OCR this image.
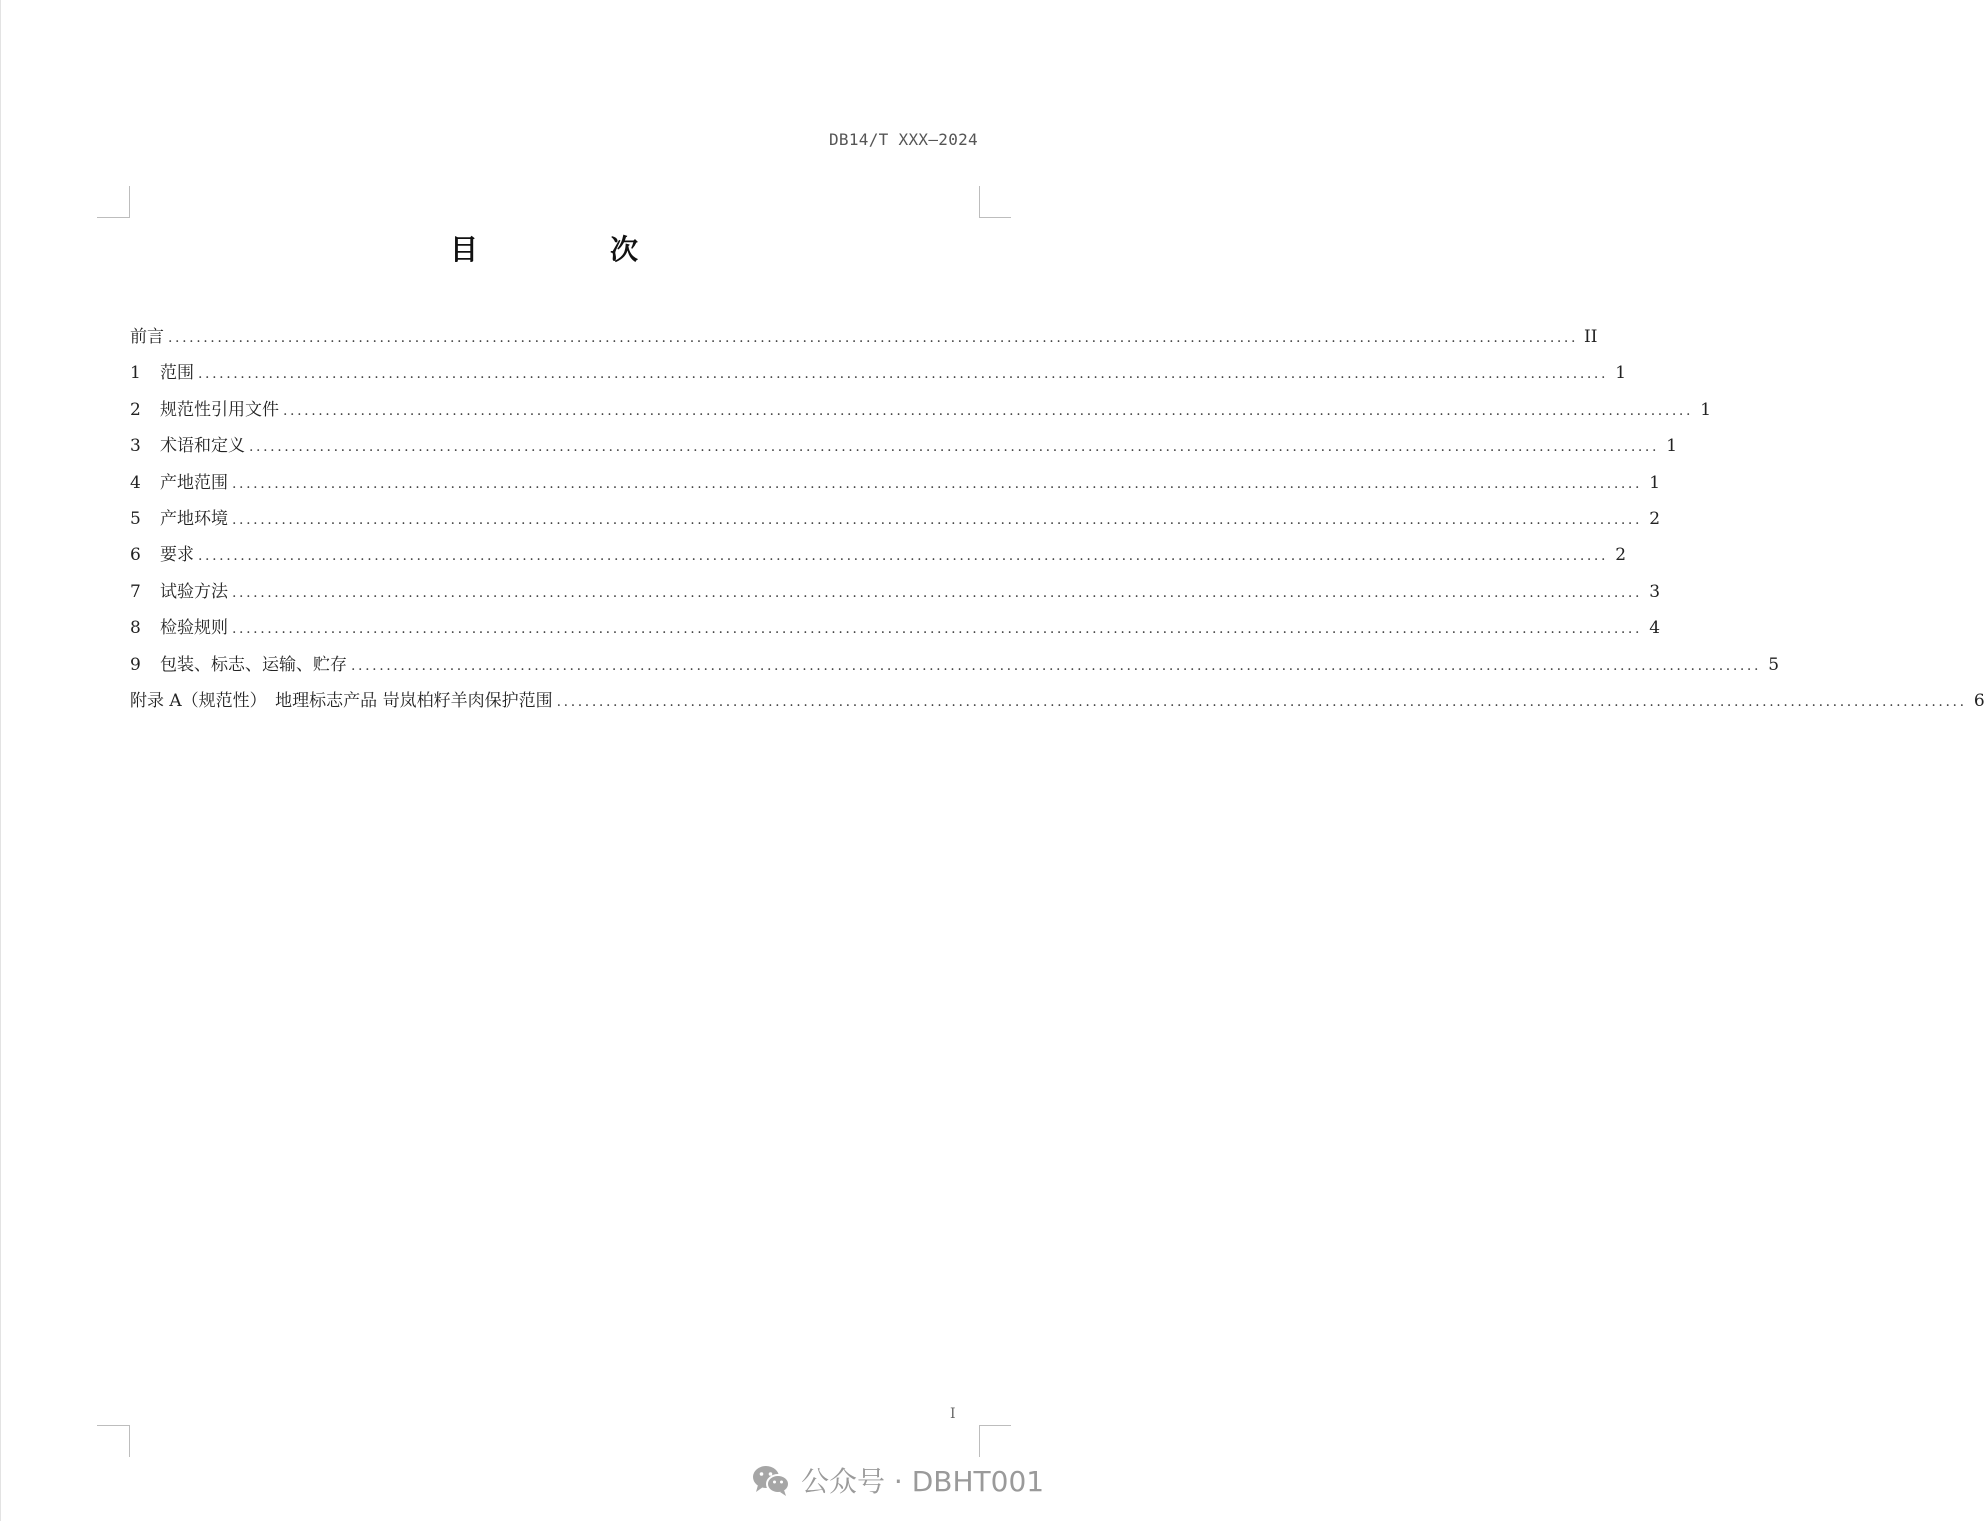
DB14/T XXX—2024
目　次
前言 ........................................................................................................................................................................................................ II
1	范围 ........................................................................................................................................................................................................ 1
2	规范性引用文件 ........................................................................................................................................................................................................ 1
3	术语和定义 ........................................................................................................................................................................................................ 1
4	产地范围 ........................................................................................................................................................................................................ 1
5	产地环境 ........................................................................................................................................................................................................ 2
6	要求 ........................................................................................................................................................................................................ 2
7	试验方法 ........................................................................................................................................................................................................ 3
8	检验规则 ........................................................................................................................................................................................................ 4
9	包装、标志、运输、贮存 ........................................................................................................................................................................................................ 5
附录 A（规范性）　地理标志产品 岢岚柏籽羊肉保护范围 ........................................................................................................................................................................................................ 6
I
公众号 · DBHT001
